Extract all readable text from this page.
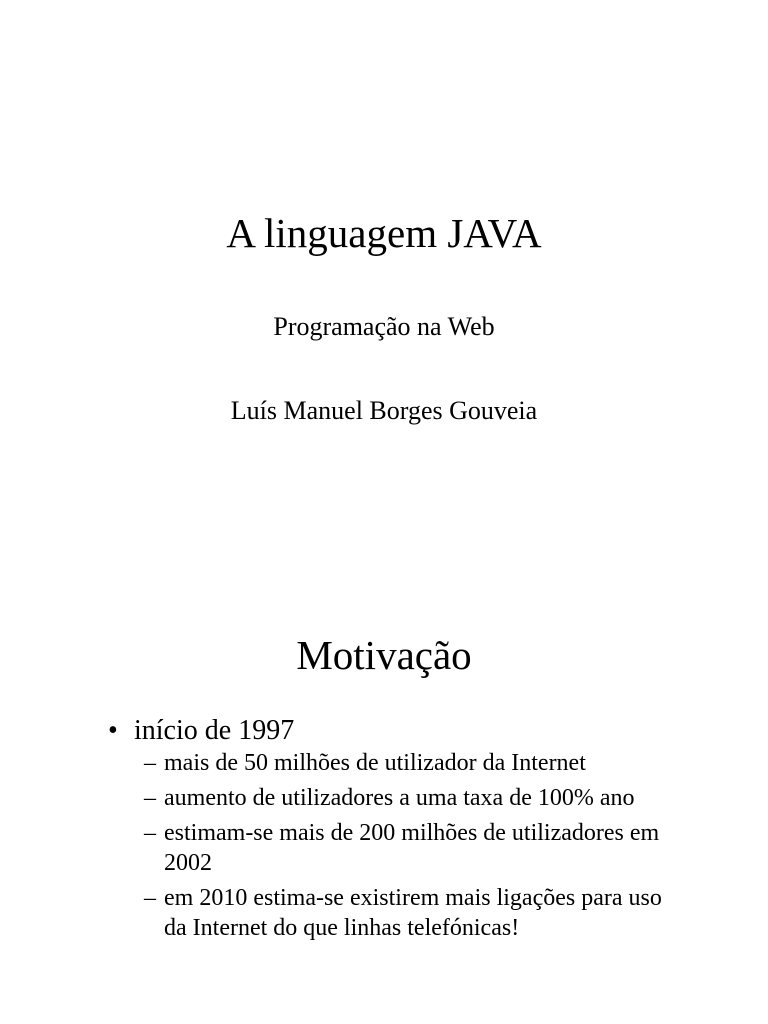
A linguagem JAVA

Programação na Web

Luís Manuel Borges Gouveia

Motivação
• início de 1997
– mais de 50 milhões de utilizador da Internet
– aumento de utilizadores a uma taxa de 100% ano
– estimam-se mais de 200 milhões de utilizadores em 2002
– em 2010 estima-se existirem mais ligações para uso da Internet do que linhas telefónicas!
